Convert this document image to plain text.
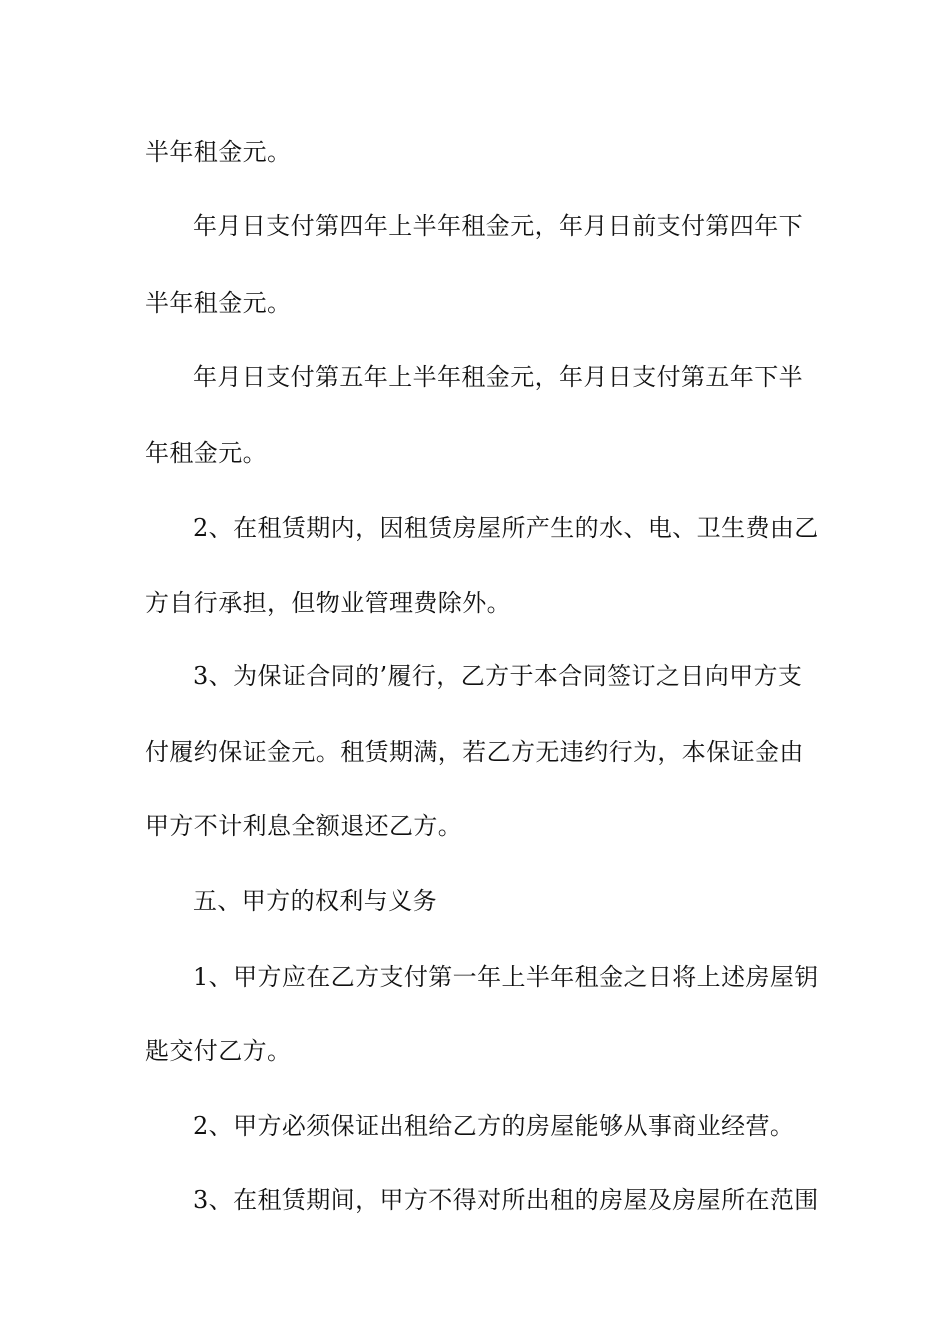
半年租金元。
年月日支付第四年上半年租金元，年月日前支付第四年下
半年租金元。
年月日支付第五年上半年租金元，年月日支付第五年下半
年租金元。
2、在租赁期内，因租赁房屋所产生的水、电、卫生费由乙
方自行承担，但物业管理费除外。
3、为保证合同的’履行，乙方于本合同签订之日向甲方支
付履约保证金元。租赁期满，若乙方无违约行为，本保证金由
甲方不计利息全额退还乙方。
五、甲方的权利与义务
1、甲方应在乙方支付第一年上半年租金之日将上述房屋钥
匙交付乙方。
2、甲方必须保证出租给乙方的房屋能够从事商业经营。
3、在租赁期间，甲方不得对所出租的房屋及房屋所在范围
